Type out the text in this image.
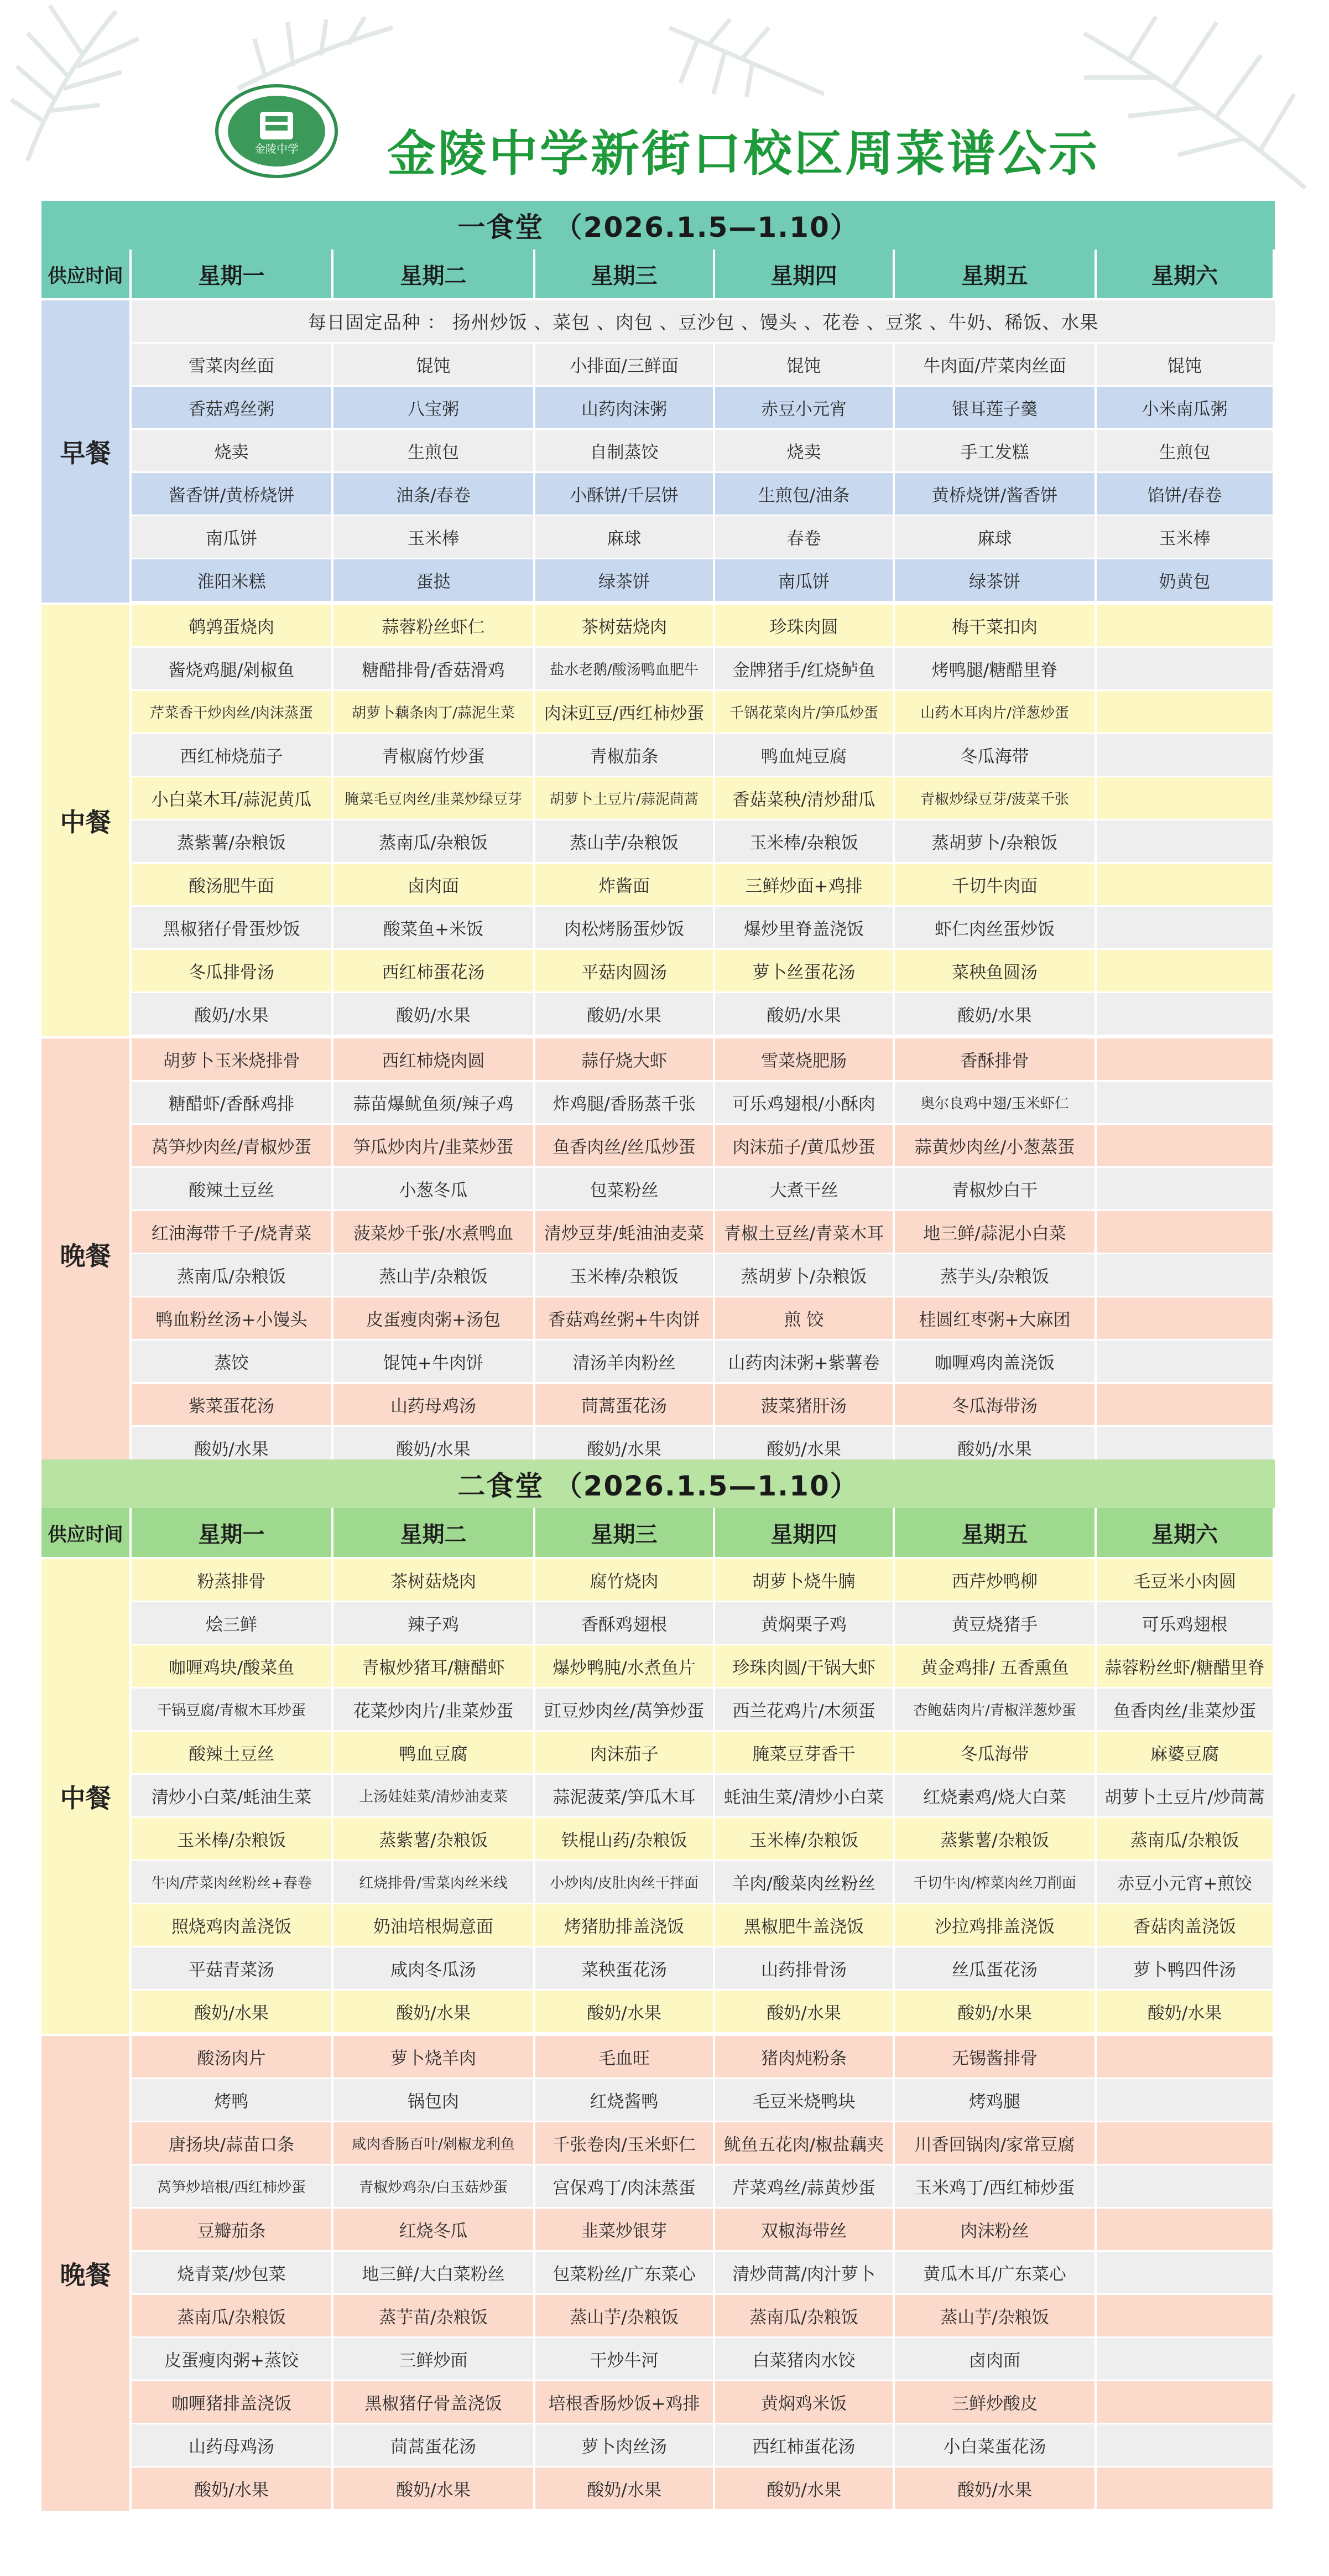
金陵中学 金陵中学新街口校区周菜谱公示
一食堂 （2026.1.5—1.10）
供应时间	星期一	星期二	星期三	星期四	星期五	星期六
早餐
每日固定品种 ： 扬州炒饭 、菜包 、肉包 、豆沙包 、馒头 、花卷 、豆浆 、牛奶、稀饭、水果
雪菜肉丝面	馄饨	小排面/三鲜面	馄饨	牛肉面/芹菜肉丝面	馄饨
香菇鸡丝粥	八宝粥	山药肉沫粥	赤豆小元宵	银耳莲子羹	小米南瓜粥
烧卖	生煎包	自制蒸饺	烧卖	手工发糕	生煎包
酱香饼/黄桥烧饼	油条/春卷	小酥饼/千层饼	生煎包/油条	黄桥烧饼/酱香饼	馅饼/春卷
南瓜饼	玉米棒	麻球	春卷	麻球	玉米棒
淮阳米糕	蛋挞	绿茶饼	南瓜饼	绿茶饼	奶黄包
中餐
鹌鹑蛋烧肉	蒜蓉粉丝虾仁	茶树菇烧肉	珍珠肉圆	梅干菜扣肉
酱烧鸡腿/剁椒鱼	糖醋排骨/香菇滑鸡	盐水老鹅/酸汤鸭血肥牛	金牌猪手/红烧鲈鱼	烤鸭腿/糖醋里脊
芹菜香干炒肉丝/肉沫蒸蛋	胡萝卜藕条肉丁/蒜泥生菜	肉沫豇豆/西红柿炒蛋	千锅花菜肉片/笋瓜炒蛋	山药木耳肉片/洋葱炒蛋
西红柿烧茄子	青椒腐竹炒蛋	青椒茄条	鸭血炖豆腐	冬瓜海带
小白菜木耳/蒜泥黄瓜	腌菜毛豆肉丝/韭菜炒绿豆芽	胡萝卜土豆片/蒜泥茼蒿	香菇菜秧/清炒甜瓜	青椒炒绿豆芽/菠菜千张
蒸紫薯/杂粮饭	蒸南瓜/杂粮饭	蒸山芋/杂粮饭	玉米棒/杂粮饭	蒸胡萝卜/杂粮饭
酸汤肥牛面	卤肉面	炸酱面	三鲜炒面+鸡排	千切牛肉面
黑椒猪仔骨蛋炒饭	酸菜鱼+米饭	肉松烤肠蛋炒饭	爆炒里脊盖浇饭	虾仁肉丝蛋炒饭
冬瓜排骨汤	西红柿蛋花汤	平菇肉圆汤	萝卜丝蛋花汤	菜秧鱼圆汤
酸奶/水果	酸奶/水果	酸奶/水果	酸奶/水果	酸奶/水果
晚餐
胡萝卜玉米烧排骨	西红柿烧肉圆	蒜仔烧大虾	雪菜烧肥肠	香酥排骨
糖醋虾/香酥鸡排	蒜苗爆鱿鱼须/辣子鸡	炸鸡腿/香肠蒸千张	可乐鸡翅根/小酥肉	奥尔良鸡中翅/玉米虾仁
莴笋炒肉丝/青椒炒蛋	笋瓜炒肉片/韭菜炒蛋	鱼香肉丝/丝瓜炒蛋	肉沫茄子/黄瓜炒蛋	蒜黄炒肉丝/小葱蒸蛋
酸辣土豆丝	小葱冬瓜	包菜粉丝	大煮干丝	青椒炒白干
红油海带千子/烧青菜	菠菜炒千张/水煮鸭血	清炒豆芽/蚝油油麦菜	青椒土豆丝/青菜木耳	地三鲜/蒜泥小白菜
蒸南瓜/杂粮饭	蒸山芋/杂粮饭	玉米棒/杂粮饭	蒸胡萝卜/杂粮饭	蒸芋头/杂粮饭
鸭血粉丝汤+小馒头	皮蛋瘦肉粥+汤包	香菇鸡丝粥+牛肉饼	煎 饺	桂圆红枣粥+大麻团
蒸饺	馄饨+牛肉饼	清汤羊肉粉丝	山药肉沫粥+紫薯卷	咖喱鸡肉盖浇饭
紫菜蛋花汤	山药母鸡汤	茼蒿蛋花汤	菠菜猪肝汤	冬瓜海带汤
酸奶/水果	酸奶/水果	酸奶/水果	酸奶/水果	酸奶/水果
二食堂 （2026.1.5—1.10）
供应时间	星期一	星期二	星期三	星期四	星期五	星期六
中餐
粉蒸排骨	茶树菇烧肉	腐竹烧肉	胡萝卜烧牛腩	西芹炒鸭柳	毛豆米小肉圆
烩三鲜	辣子鸡	香酥鸡翅根	黄焖栗子鸡	黄豆烧猪手	可乐鸡翅根
咖喱鸡块/酸菜鱼	青椒炒猪耳/糖醋虾	爆炒鸭肫/水煮鱼片	珍珠肉圆/干锅大虾	黄金鸡排/ 五香熏鱼	蒜蓉粉丝虾/糖醋里脊
干锅豆腐/青椒木耳炒蛋	花菜炒肉片/韭菜炒蛋	豇豆炒肉丝/莴笋炒蛋	西兰花鸡片/木须蛋	杏鲍菇肉片/青椒洋葱炒蛋	鱼香肉丝/韭菜炒蛋
酸辣土豆丝	鸭血豆腐	肉沫茄子	腌菜豆芽香干	冬瓜海带	麻婆豆腐
清炒小白菜/蚝油生菜	上汤娃娃菜/清炒油麦菜	蒜泥菠菜/笋瓜木耳	蚝油生菜/清炒小白菜	红烧素鸡/烧大白菜	胡萝卜土豆片/炒茼蒿
玉米棒/杂粮饭	蒸紫薯/杂粮饭	铁棍山药/杂粮饭	玉米棒/杂粮饭	蒸紫薯/杂粮饭	蒸南瓜/杂粮饭
牛肉/芹菜肉丝粉丝+春卷	红烧排骨/雪菜肉丝米线	小炒肉/皮肚肉丝干拌面	羊肉/酸菜肉丝粉丝	千切牛肉/榨菜肉丝刀削面	赤豆小元宵+煎饺
照烧鸡肉盖浇饭	奶油培根焗意面	烤猪肋排盖浇饭	黑椒肥牛盖浇饭	沙拉鸡排盖浇饭	香菇肉盖浇饭
平菇青菜汤	咸肉冬瓜汤	菜秧蛋花汤	山药排骨汤	丝瓜蛋花汤	萝卜鸭四件汤
酸奶/水果	酸奶/水果	酸奶/水果	酸奶/水果	酸奶/水果	酸奶/水果
晚餐
酸汤肉片	萝卜烧羊肉	毛血旺	猪肉炖粉条	无锡酱排骨
烤鸭	锅包肉	红烧酱鸭	毛豆米烧鸭块	烤鸡腿
唐扬块/蒜苗口条	咸肉香肠百叶/剁椒龙利鱼	千张卷肉/玉米虾仁	鱿鱼五花肉/椒盐藕夹	川香回锅肉/家常豆腐
莴笋炒培根/西红柿炒蛋	青椒炒鸡杂/白玉菇炒蛋	宫保鸡丁/肉沫蒸蛋	芹菜鸡丝/蒜黄炒蛋	玉米鸡丁/西红柿炒蛋
豆瓣茄条	红烧冬瓜	韭菜炒银芽	双椒海带丝	肉沫粉丝
烧青菜/炒包菜	地三鲜/大白菜粉丝	包菜粉丝/广东菜心	清炒茼蒿/肉汁萝卜	黄瓜木耳/广东菜心
蒸南瓜/杂粮饭	蒸芋苗/杂粮饭	蒸山芋/杂粮饭	蒸南瓜/杂粮饭	蒸山芋/杂粮饭
皮蛋瘦肉粥+蒸饺	三鲜炒面	干炒牛河	白菜猪肉水饺	卤肉面
咖喱猪排盖浇饭	黑椒猪仔骨盖浇饭	培根香肠炒饭+鸡排	黄焖鸡米饭	三鲜炒酸皮
山药母鸡汤	茼蒿蛋花汤	萝卜肉丝汤	西红柿蛋花汤	小白菜蛋花汤
酸奶/水果	酸奶/水果	酸奶/水果	酸奶/水果	酸奶/水果
